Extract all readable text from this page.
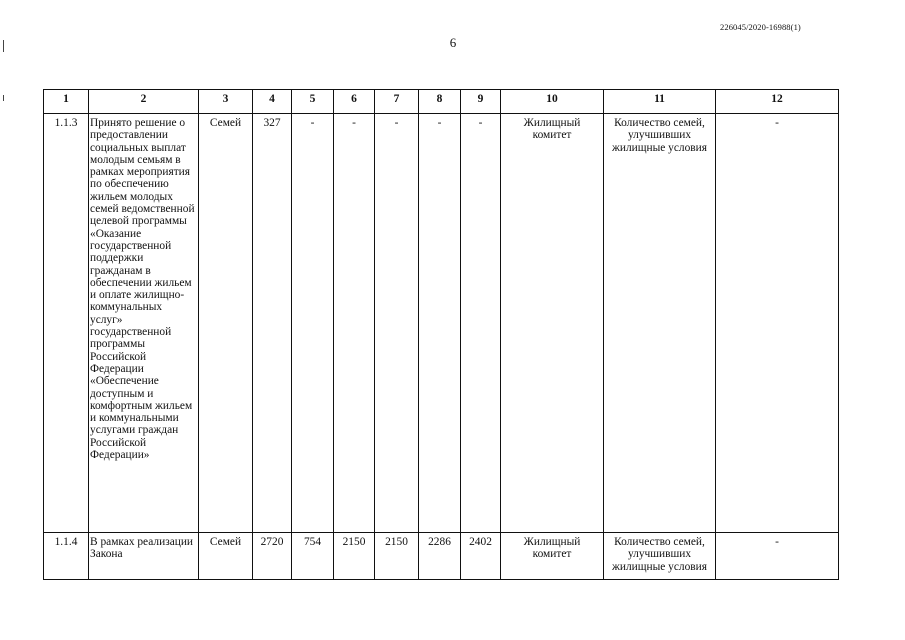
226045/2020-16988(1)
6
1	2	3	4	5	6	7	8	9	10	11	12
1.1.3	Принято решение о предоставлении социальных выплат молодым семьям в рамках мероприятия по обеспечению жильем молодых семей ведомственной целевой программы «Оказание государственной поддержки гражданам в обеспечении жильем и оплате жилищно-коммунальных услуг» государственной программы Российской Федерации «Обеспечение доступным и комфортным жильем и коммунальными услугами граждан Российской Федерации»	Семей	327	-	-	-	-	-	Жилищный комитет	Количество семей, улучшивших жилищные условия	-
1.1.4	В рамках реализации Закона	Семей	2720	754	2150	2150	2286	2402	Жилищный комитет	Количество семей, улучшивших жилищные условия	-
